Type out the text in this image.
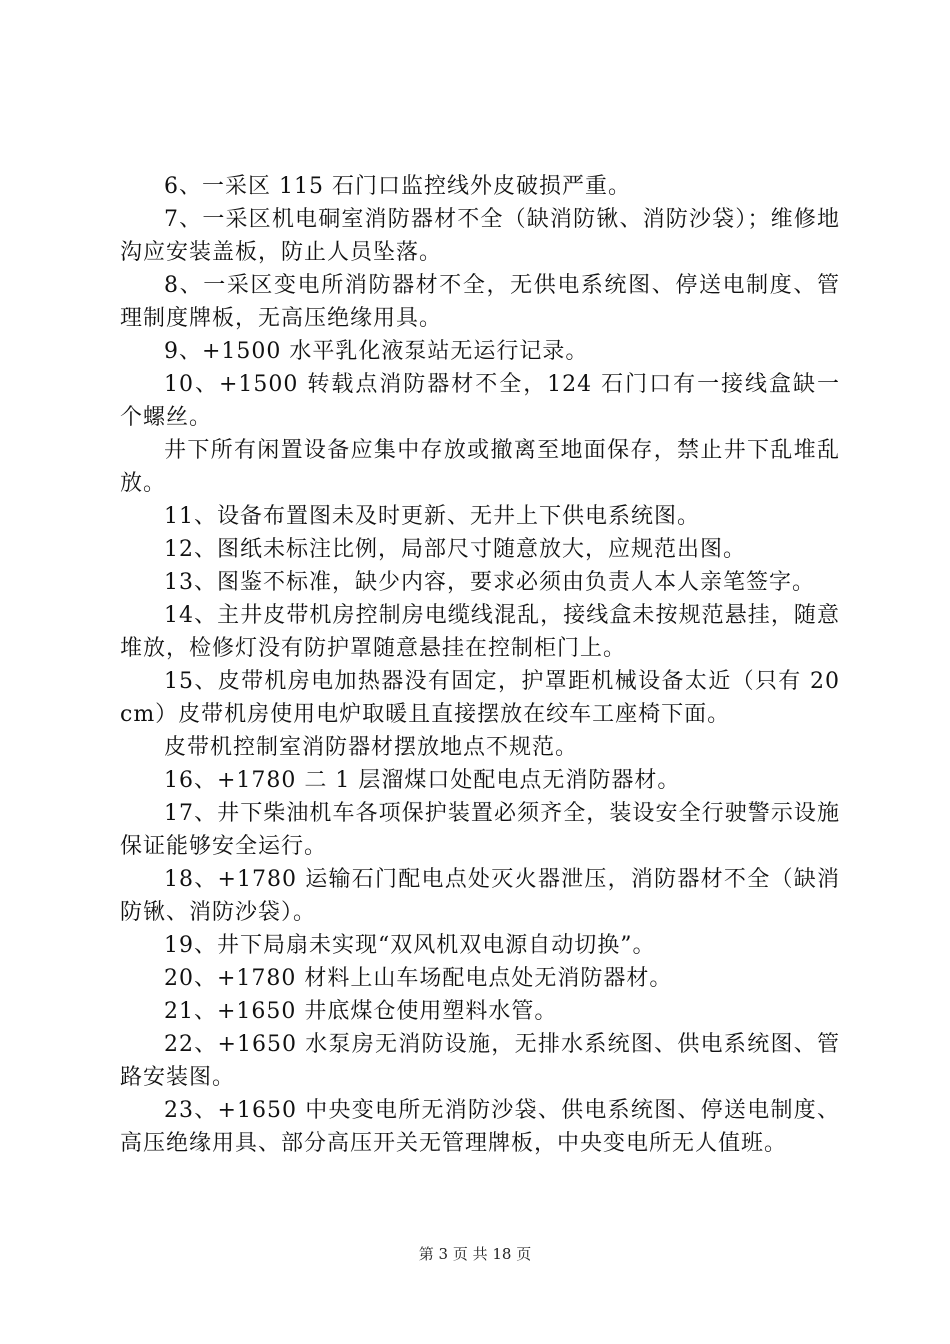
6、一采区 115 石门口监控线外皮破损严重。

7、一采区机电硐室消防器材不全（缺消防锹、消防沙袋）；维修地沟应安装盖板，防止人员坠落。

8、一采区变电所消防器材不全，无供电系统图、停送电制度、管理制度牌板，无高压绝缘用具。

9、+1500 水平乳化液泵站无运行记录。

10、+1500 转载点消防器材不全，124 石门口有一接线盒缺一个螺丝。

井下所有闲置设备应集中存放或撤离至地面保存，禁止井下乱堆乱放。

11、设备布置图未及时更新、无井上下供电系统图。

12、图纸未标注比例，局部尺寸随意放大，应规范出图。

13、图鉴不标准，缺少内容，要求必须由负责人本人亲笔签字。

14、主井皮带机房控制房电缆线混乱，接线盒未按规范悬挂，随意堆放，检修灯没有防护罩随意悬挂在控制柜门上。

15、皮带机房电加热器没有固定，护罩距机械设备太近（只有 20cm）皮带机房使用电炉取暖且直接摆放在绞车工座椅下面。

皮带机控制室消防器材摆放地点不规范。

16、+1780 二 1 层溜煤口处配电点无消防器材。

17、井下柴油机车各项保护装置必须齐全，装设安全行驶警示设施保证能够安全运行。

18、+1780 运输石门配电点处灭火器泄压，消防器材不全（缺消防锹、消防沙袋）。

19、井下局扇未实现“双风机双电源自动切换”。

20、+1780 材料上山车场配电点处无消防器材。

21、+1650 井底煤仓使用塑料水管。

22、+1650 水泵房无消防设施，无排水系统图、供电系统图、管路安装图。

23、+1650 中央变电所无消防沙袋、供电系统图、停送电制度、高压绝缘用具、部分高压开关无管理牌板，中央变电所无人值班。

第 3 页 共 18 页
